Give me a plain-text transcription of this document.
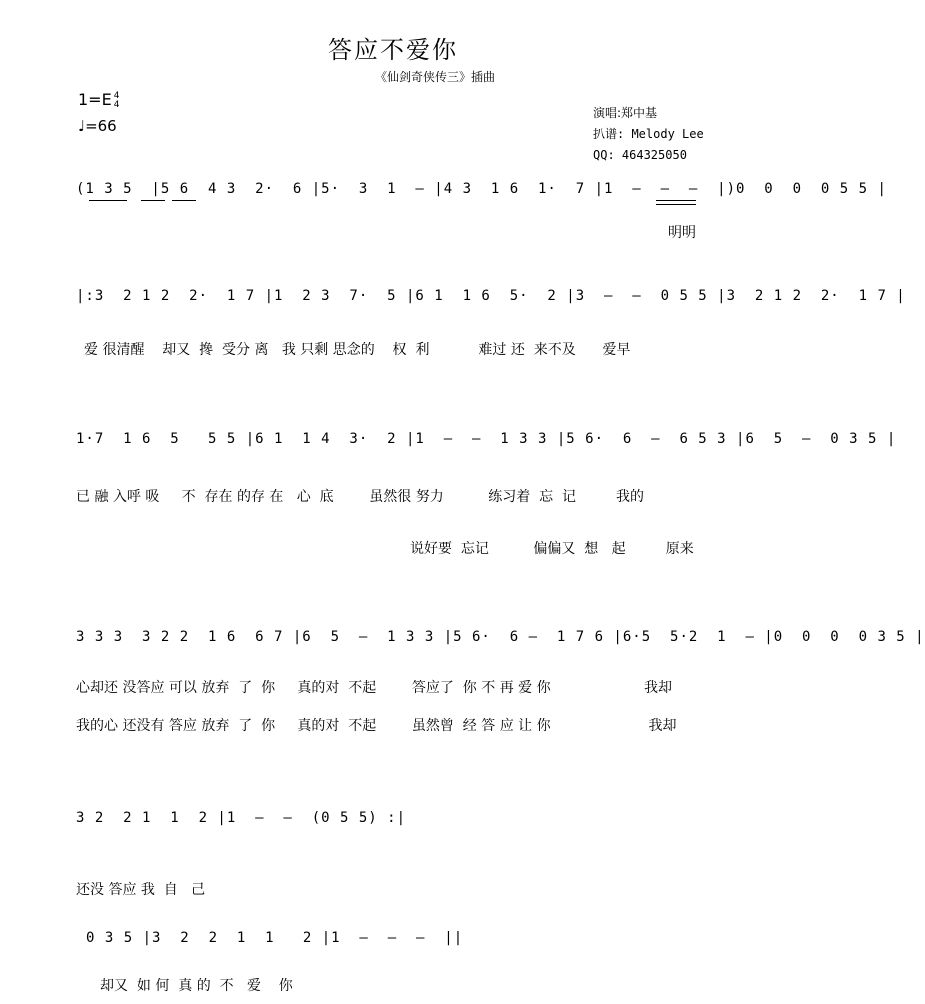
答应不爱你
《仙剑奇侠传三》插曲
1=E 4
4
♩=66
演唱:郑中基
扒谱: Melody Lee
QQ: 464325050
(1 3 5  |5 6  4 3  2·  6 |5·  3  1  – |4 3  1 6  1·  7 |1  –  –  –  |)0  0  0  0 5 5 |
明明
|:3  2 1 2  2·  1 7 |1  2 3  7·  5 |6 1  1 6  5·  2 |3  –  –  0 5 5 |3  2 1 2  2·  1 7 |
爱 很清醒    却又  搀  受分 离   我 只剩 思念的    权  利           难过 还  来不及      爱早
1·7  1 6  5   5 5 |6 1  1 4  3·  2 |1  –  –  1 3 3 |5 6·  6  –  6 5 3 |6  5  –  0 3 5 |
已 融 入呼 吸     不  存在 的存 在   心  底        虽然很 努力          练习着  忘  记         我的
说好要  忘记          偏偏又  想   起         原来
3 3 3  3 2 2  1 6  6 7 |6  5  –  1 3 3 |5 6·  6 –  1 7 6 |6·5  5·2  1  – |0  0  0  0 3 5 |
心却还 没答应 可以 放弃  了  你     真的对  不起        答应了  你 不 再 爱 你                     我却
我的心 还没有 答应 放弃  了  你     真的对  不起        虽然曾  经 答 应 让 你                      我却
3 2  2 1  1  2 |1  –  –  (0 5 5) :|
还没 答应 我  自   己
0 3 5 |3  2  2  1  1   2 |1  –  –  –  ||
却又  如 何  真 的  不   爱    你
